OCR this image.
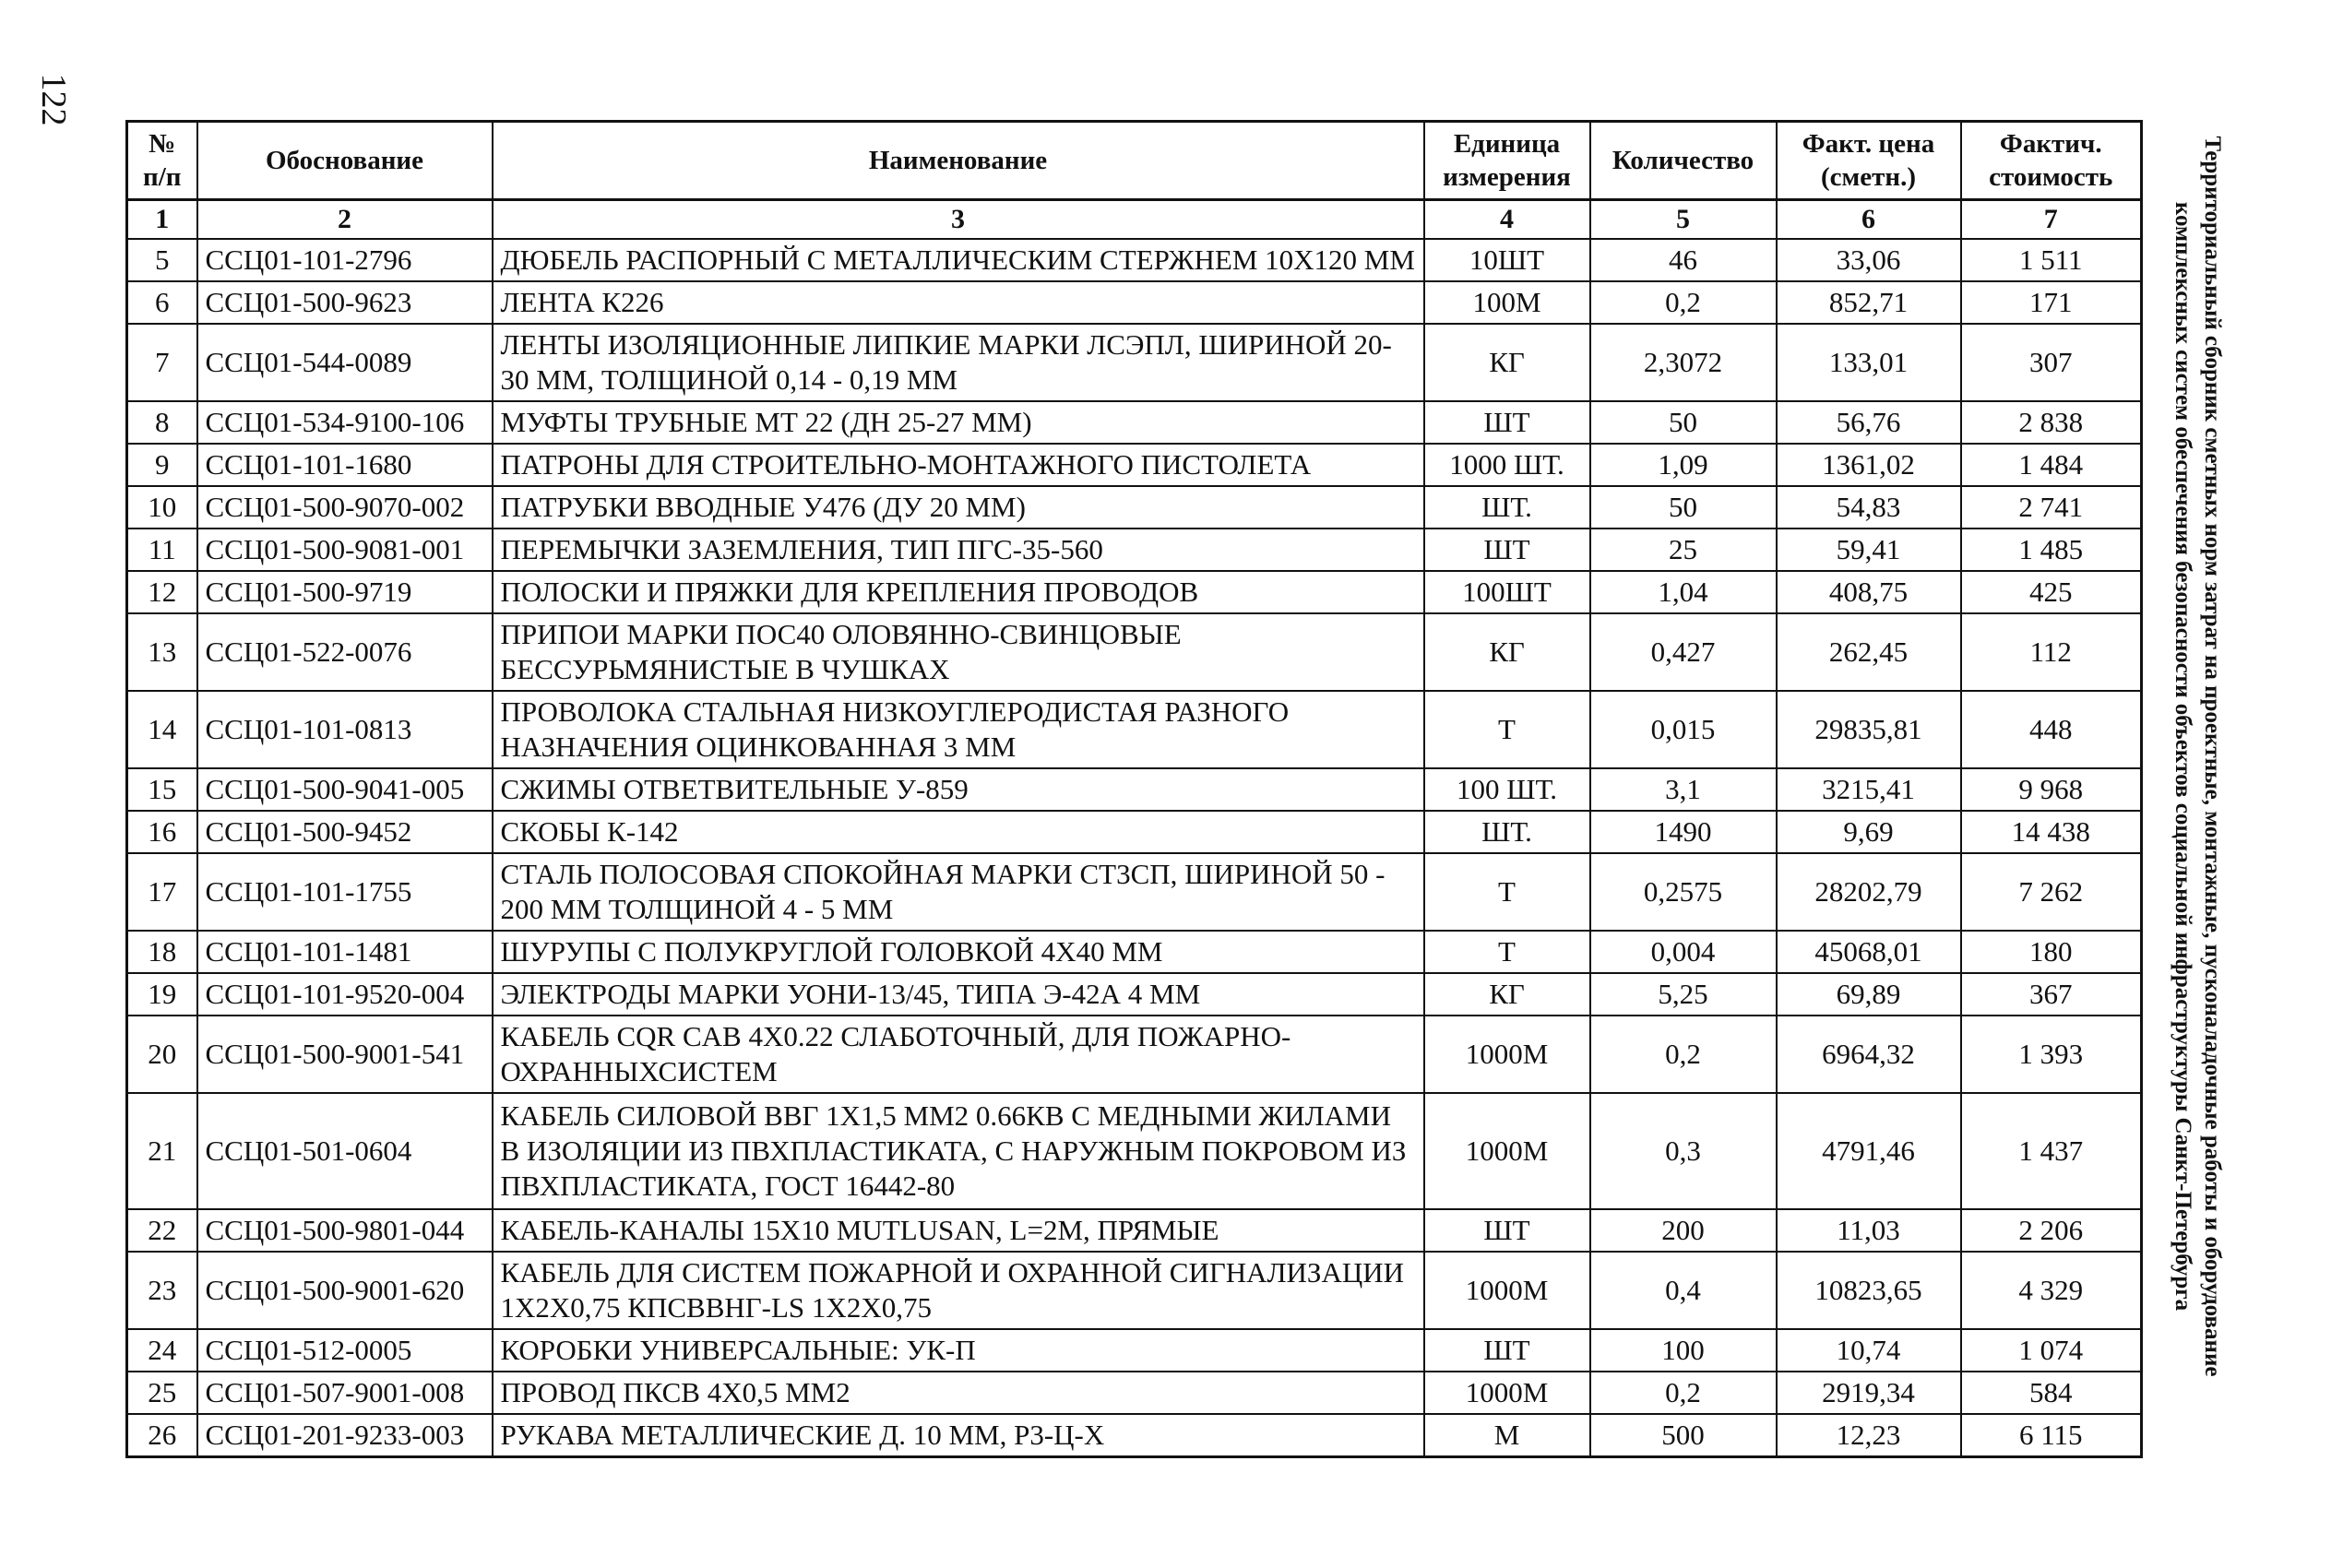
122
Территориальный сборник сметных норм затрат на проектные, монтажные, пусконаладочные работы и оборудование
комплексных систем обеспечения безопасности объектов социальной инфраструктуры Санкт-Петербурга
№ п/п	Обоснование	Наименование	Единица измерения	Количество	Факт. цена (сметн.)	Фактич. стоимость
1	2	3	4	5	6	7
5	ССЦ01-101-2796	ДЮБЕЛЬ РАСПОРНЫЙ С МЕТАЛЛИЧЕСКИМ СТЕРЖНЕМ 10Х120 ММ	10ШТ	46	33,06	1 511
6	ССЦ01-500-9623	ЛЕНТА К226	100М	0,2	852,71	171
7	ССЦ01-544-0089	ЛЕНТЫ ИЗОЛЯЦИОННЫЕ ЛИПКИЕ МАРКИ ЛСЭПЛ, ШИРИНОЙ 20-30 ММ, ТОЛЩИНОЙ 0,14 - 0,19 ММ	КГ	2,3072	133,01	307
8	ССЦ01-534-9100-106	МУФТЫ ТРУБНЫЕ МТ 22 (ДН 25-27 ММ)	ШТ	50	56,76	2 838
9	ССЦ01-101-1680	ПАТРОНЫ ДЛЯ СТРОИТЕЛЬНО-МОНТАЖНОГО ПИСТОЛЕТА	1000 ШТ.	1,09	1361,02	1 484
10	ССЦ01-500-9070-002	ПАТРУБКИ ВВОДНЫЕ У476 (ДУ 20 ММ)	ШТ.	50	54,83	2 741
11	ССЦ01-500-9081-001	ПЕРЕМЫЧКИ ЗАЗЕМЛЕНИЯ, ТИП ПГС-35-560	ШТ	25	59,41	1 485
12	ССЦ01-500-9719	ПОЛОСКИ И ПРЯЖКИ ДЛЯ КРЕПЛЕНИЯ ПРОВОДОВ	100ШТ	1,04	408,75	425
13	ССЦ01-522-0076	ПРИПОИ МАРКИ ПОС40 ОЛОВЯННО-СВИНЦОВЫЕ БЕССУРЬМЯНИСТЫЕ В ЧУШКАХ	КГ	0,427	262,45	112
14	ССЦ01-101-0813	ПРОВОЛОКА СТАЛЬНАЯ НИЗКОУГЛЕРОДИСТАЯ РАЗНОГО НАЗНАЧЕНИЯ ОЦИНКОВАННАЯ 3 ММ	Т	0,015	29835,81	448
15	ССЦ01-500-9041-005	СЖИМЫ ОТВЕТВИТЕЛЬНЫЕ У-859	100 ШТ.	3,1	3215,41	9 968
16	ССЦ01-500-9452	СКОБЫ К-142	ШТ.	1490	9,69	14 438
17	ССЦ01-101-1755	СТАЛЬ ПОЛОСОВАЯ СПОКОЙНАЯ МАРКИ СТ3СП, ШИРИНОЙ 50 - 200 ММ ТОЛЩИНОЙ 4 - 5 ММ	Т	0,2575	28202,79	7 262
18	ССЦ01-101-1481	ШУРУПЫ С ПОЛУКРУГЛОЙ ГОЛОВКОЙ 4Х40 ММ	Т	0,004	45068,01	180
19	ССЦ01-101-9520-004	ЭЛЕКТРОДЫ МАРКИ УОНИ-13/45, ТИПА Э-42А 4 ММ	КГ	5,25	69,89	367
20	ССЦ01-500-9001-541	КАБЕЛЬ CQR CAB 4X0.22 СЛАБОТОЧНЫЙ, ДЛЯ ПОЖАРНО-ОХРАННЫХСИСТЕМ	1000М	0,2	6964,32	1 393
21	ССЦ01-501-0604	КАБЕЛЬ СИЛОВОЙ ВВГ 1Х1,5 ММ2 0.66КВ С МЕДНЫМИ ЖИЛАМИ В ИЗОЛЯЦИИ ИЗ ПВХПЛАСТИКАТА, С НАРУЖНЫМ ПОКРОВОМ ИЗ ПВХПЛАСТИКАТА, ГОСТ 16442-80	1000М	0,3	4791,46	1 437
22	ССЦ01-500-9801-044	КАБЕЛЬ-КАНАЛЫ 15Х10 MUTLUSAN, L=2M, ПРЯМЫЕ	ШТ	200	11,03	2 206
23	ССЦ01-500-9001-620	КАБЕЛЬ ДЛЯ СИСТЕМ ПОЖАРНОЙ И ОХРАННОЙ СИГНАЛИЗАЦИИ 1Х2Х0,75 КПСВВНГ-LS 1Х2Х0,75	1000М	0,4	10823,65	4 329
24	ССЦ01-512-0005	КОРОБКИ УНИВЕРСАЛЬНЫЕ: УК-П	ШТ	100	10,74	1 074
25	ССЦ01-507-9001-008	ПРОВОД ПКСВ 4Х0,5 ММ2	1000М	0,2	2919,34	584
26	ССЦ01-201-9233-003	РУКАВА МЕТАЛЛИЧЕСКИЕ Д. 10 ММ, Р3-Ц-Х	М	500	12,23	6 115
